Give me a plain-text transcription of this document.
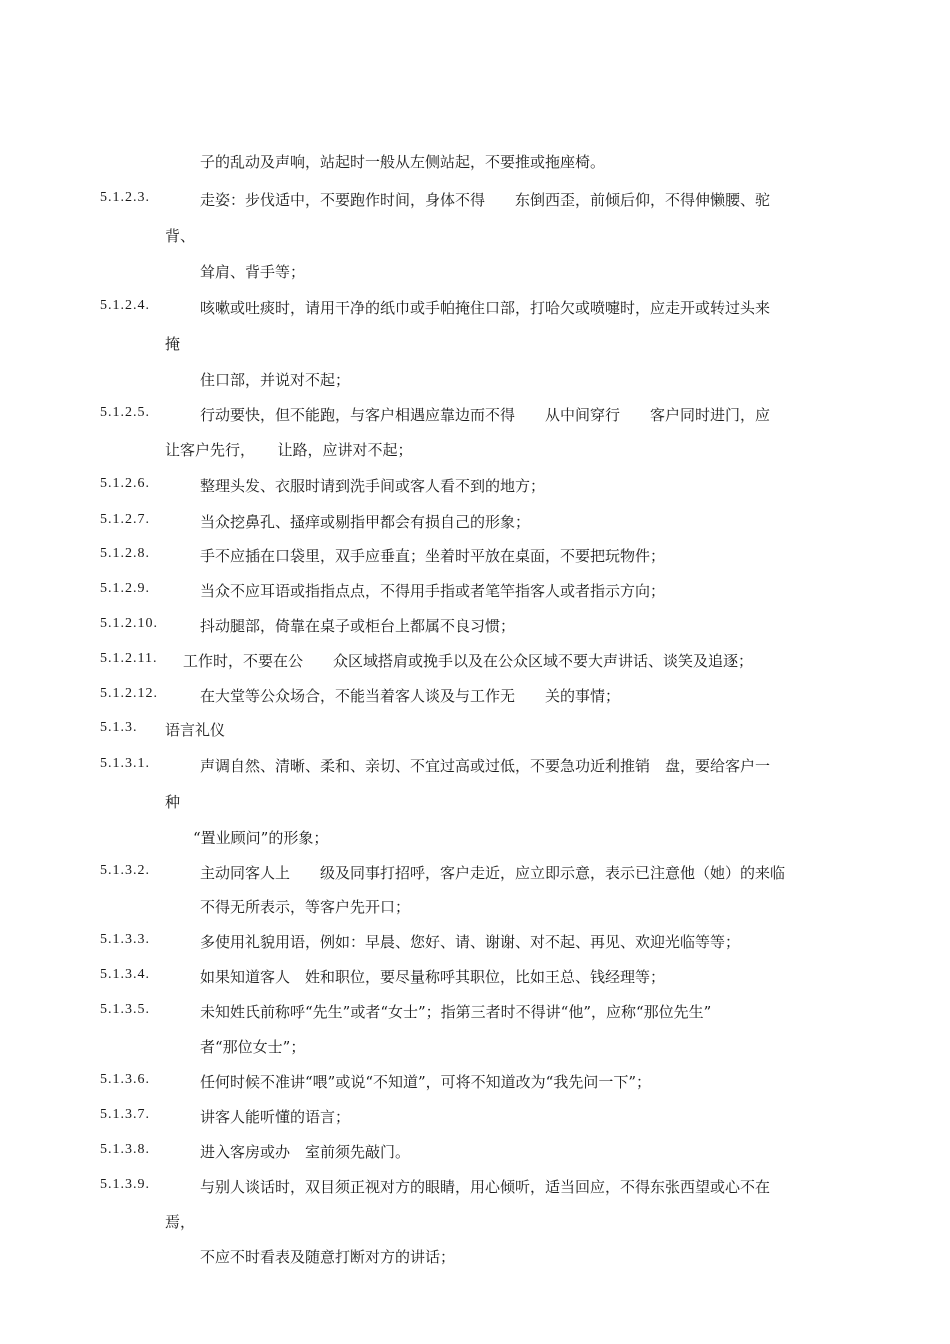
子的乱动及声响，站起时一般从左侧站起，不要推或拖座椅。
5.1.2.3.	走姿：步伐适中，不要跑作时间，身体不得　　东倒西歪，前倾后仰，不得伸懒腰、驼
背、
耸肩、背手等；
5.1.2.4.	咳嗽或吐痰时，请用干净的纸巾或手帕掩住口部，打哈欠或喷嚏时，应走开或转过头来
掩
住口部，并说对不起；
5.1.2.5.	行动要快，但不能跑，与客户相遇应靠边而不得　　从中间穿行　　客户同时进门，应
让客户先行，　　让路，应讲对不起；
5.1.2.6.	整理头发、衣服时请到洗手间或客人看不到的地方；
5.1.2.7.	当众挖鼻孔、搔痒或剔指甲都会有损自己的形象；
5.1.2.8.	手不应插在口袋里，双手应垂直；坐着时平放在桌面，不要把玩物件；
5.1.2.9.	当众不应耳语或指指点点，不得用手指或者笔竿指客人或者指示方向；
5.1.2.10.	抖动腿部，倚靠在桌子或柜台上都属不良习惯；
5.1.2.11. 工作时，不要在公　　众区域搭肩或挽手以及在公众区域不要大声讲话、谈笑及追逐；
5.1.2.12.	在大堂等公众场合，不能当着客人谈及与工作无　　关的事情；
5.1.3. 语言礼仪
5.1.3.1.	声调自然、清晰、柔和、亲切、不宜过高或过低，不要急功近利推销　盘，要给客户一
种
“置业顾问”的形象；
5.1.3.2.	主动同客人上　　级及同事打招呼，客户走近，应立即示意，表示已注意他（她）的来临
不得无所表示，等客户先开口；
5.1.3.3.	多使用礼貌用语，例如：早晨、您好、请、谢谢、对不起、再见、欢迎光临等等；
5.1.3.4.	如果知道客人　姓和职位，要尽量称呼其职位，比如王总、钱经理等；
5.1.3.5.	未知姓氏前称呼“先生”或者“女士”；指第三者时不得讲“他”，应称“那位先生”
者“那位女士”；
5.1.3.6.	任何时候不准讲“喂”或说“不知道”，可将不知道改为“我先问一下”；
5.1.3.7.	讲客人能听懂的语言；
5.1.3.8.	进入客房或办　室前须先敲门。
5.1.3.9.	与别人谈话时，双目须正视对方的眼睛，用心倾听，适当回应，不得东张西望或心不在
焉，
不应不时看表及随意打断对方的讲话；
